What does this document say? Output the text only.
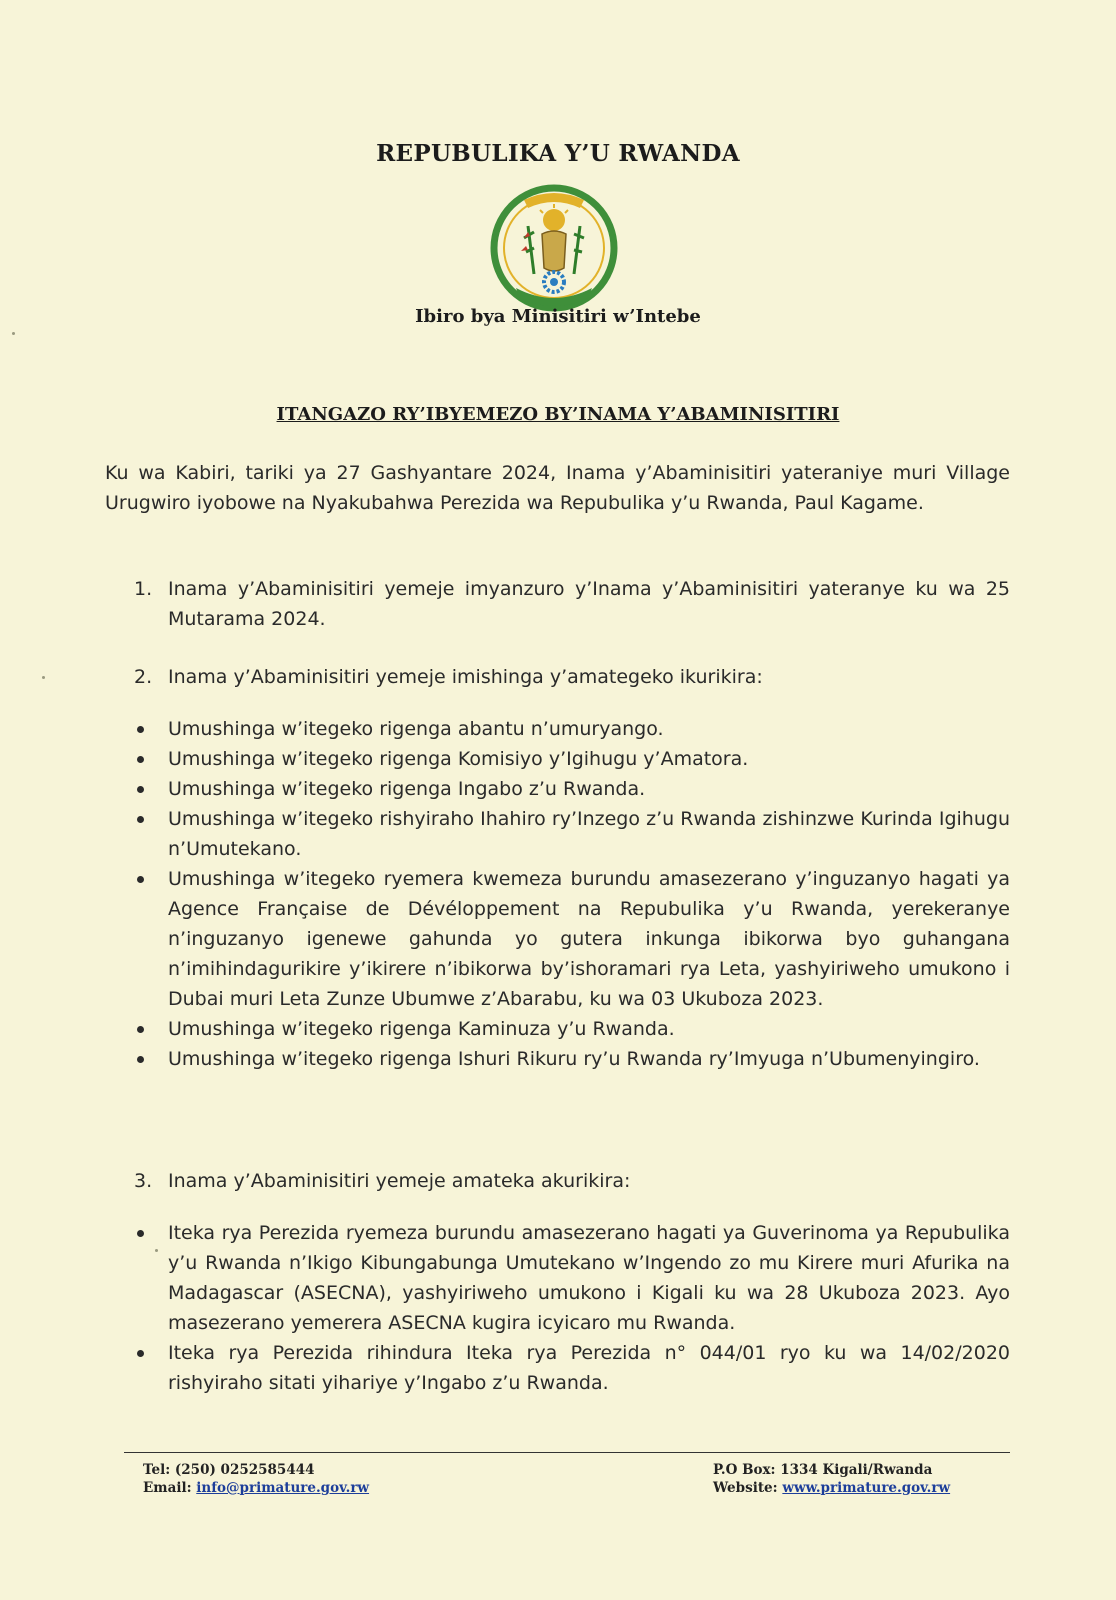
REPUBULIKA Y’U RWANDA
Ibiro bya Minisitiri w’Intebe
ITANGAZO RY’IBYEMEZO BY’INAMA Y’ABAMINISITIRI
Ku wa Kabiri, tariki ya 27 Gashyantare 2024, Inama y’Abaminisitiri yateraniye muri Village Urugwiro iyobowe na Nyakubahwa Perezida wa Repubulika y’u Rwanda, Paul Kagame.
1. Inama y’Abaminisitiri yemeje imyanzuro y’Inama y’Abaminisitiri yateranye ku wa 25 Mutarama 2024.
2. Inama y’Abaminisitiri yemeje imishinga y’amategeko ikurikira:
Umushinga w’itegeko rigenga abantu n’umuryango.
Umushinga w’itegeko rigenga Komisiyo y’Igihugu y’Amatora.
Umushinga w’itegeko rigenga Ingabo z’u Rwanda.
Umushinga w’itegeko rishyiraho Ihahiro ry’Inzego z’u Rwanda zishinzwe Kurinda Igihugu n’Umutekano.
Umushinga w’itegeko ryemera kwemeza burundu amasezerano y’inguzanyo hagati ya Agence Française de Dévéloppement na Repubulika y’u Rwanda, yerekeranye n’inguzanyo igenewe gahunda yo gutera inkunga ibikorwa byo guhangana n’imihindagurikire y’ikirere n’ibikorwa by’ishoramari rya Leta, yashyiriweho umukono i Dubai muri Leta Zunze Ubumwe z’Abarabu, ku wa 03 Ukuboza 2023.
Umushinga w’itegeko rigenga Kaminuza y’u Rwanda.
Umushinga w’itegeko rigenga Ishuri Rikuru ry’u Rwanda ry’Imyuga n’Ubumenyingiro.
3. Inama y’Abaminisitiri yemeje amateka akurikira:
Iteka rya Perezida ryemeza burundu amasezerano hagati ya Guverinoma ya Repubulika y’u Rwanda n’Ikigo Kibungabunga Umutekano w’Ingendo zo mu Kirere muri Afurika na Madagascar (ASECNA), yashyiriweho umukono i Kigali ku wa 28 Ukuboza 2023. Ayo masezerano yemerera ASECNA kugira icyicaro mu Rwanda.
Iteka rya Perezida rihindura Iteka rya Perezida n° 044/01 ryo ku wa 14/02/2020 rishyiraho sitati yihariye y’Ingabo z’u Rwanda.
Tel: (250) 0252585444
Email: info@primature.gov.rw
P.O Box: 1334 Kigali/Rwanda
Website: www.primature.gov.rw
